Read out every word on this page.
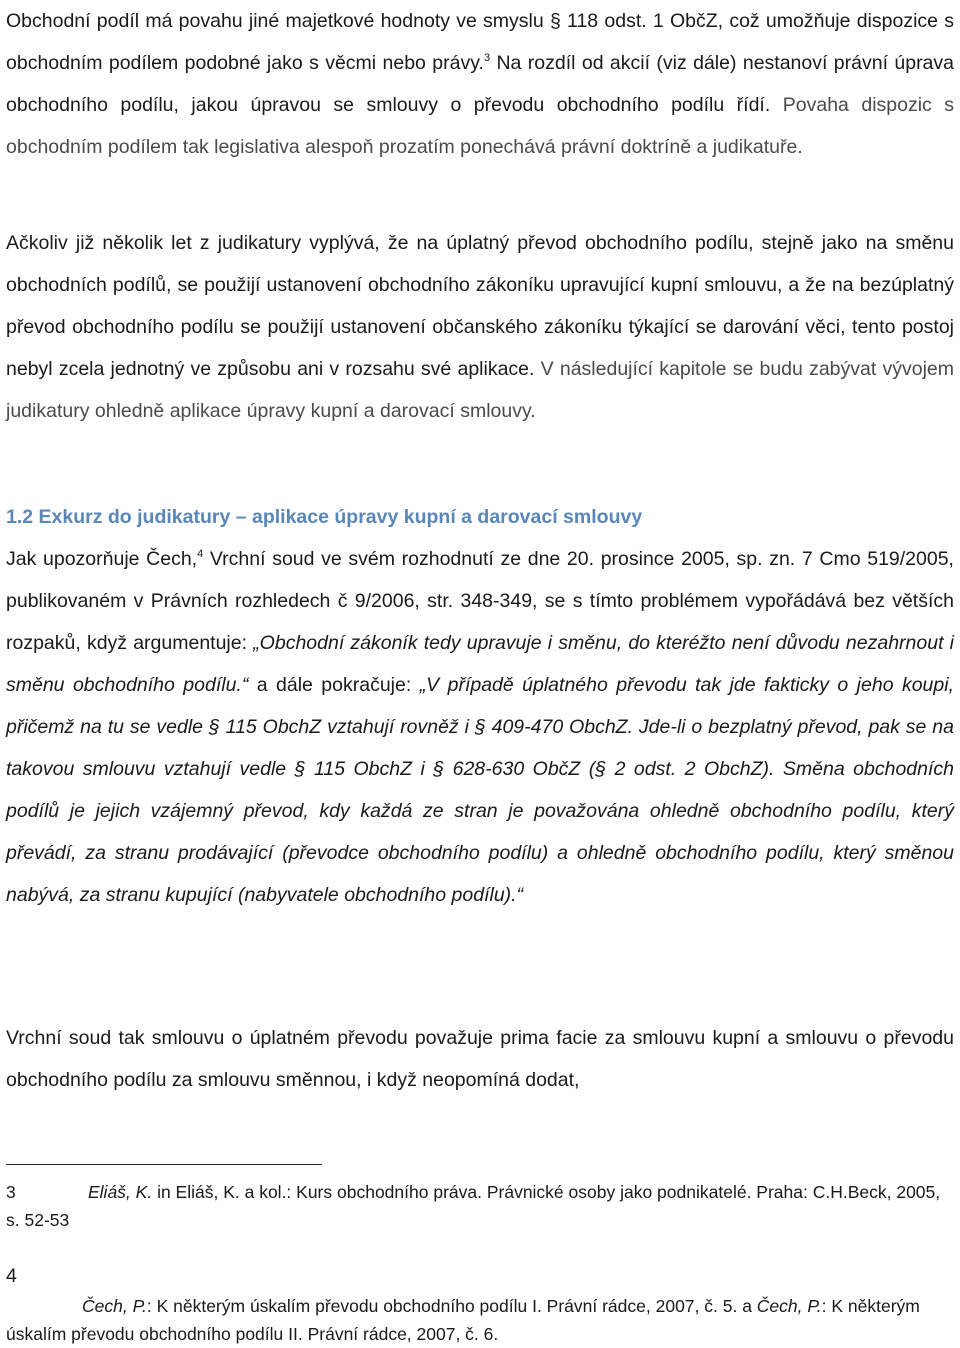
Obchodní podíl má povahu jiné majetkové hodnoty ve smyslu § 118 odst. 1 ObčZ, což umožňuje dispozice s obchodním podílem podobné jako s věcmi nebo právy.$^3$ Na rozdíl od akcií (viz dále) nestanoví právní úprava obchodního podílu, jakou úpravou se smlouvy o převodu obchodního podílu řídí. Povaha dispozic s obchodním podílem tak legislativa alespoň prozatím ponechává právní doktríně a judikatuře.

Ačkoliv již několik let z judikatury vyplývá, že na úplatný převod obchodního podílu, stejně jako na směnu obchodních podílů, se použijí ustanovení obchodního zákoníku upravující kupní smlouvu, a že na bezúplatný převod obchodního podílu se použijí ustanovení občanského zákoníku týkající se darování věci, tento postoj nebyl zcela jednotný ve způsobu ani v rozsahu své aplikace. V následující kapitole se budu zabývat vývojem judikatury ohledně aplikace úpravy kupní a darovací smlouvy.

1.2 Exkurz do judikatury – aplikace úpravy kupní a darovací smlouvy

Jak upozorňuje Čech,$^4$ Vrchní soud ve svém rozhodnutí ze dne 20. prosince 2005, sp. zn. 7 Cmo 519/2005, publikovaném v Právních rozhledech č 9/2006, str. 348-349, se s tímto problémem vypořádává bez větších rozpaků, když argumentuje: „Obchodní zákoník tedy upravuje i směnu, do kteréžto není důvodu nezahrnout i směnu obchodního podílu.“ a dále pokračuje: „V případě úplatného převodu tak jde fakticky o jeho koupi, přičemž na tu se vedle § 115 ObchZ vztahují rovněž i § 409-470 ObchZ. Jde-li o bezplatný převod, pak se na takovou smlouvu vztahují vedle § 115 ObchZ i § 628-630 ObčZ (§ 2 odst. 2 ObchZ). Směna obchodních podílů je jejich vzájemný převod, kdy každá ze stran je považována ohledně obchodního podílu, který převádí, za stranu prodávající (převodce obchodního podílu) a ohledně obchodního podílu, který směnou nabývá, za stranu kupující (nabyvatele obchodního podílu).“

Vrchní soud tak smlouvu o úplatném převodu považuje prima facie za smlouvu kupní a smlouvu o převodu obchodního podílu za smlouvu směnnou, i když neopomíná dodat,

3	Eliáš, K. in Eliáš, K. a kol.: Kurs obchodního práva. Právnické osoby jako podnikatelé. Praha: C.H.Beck, 2005, s. 52-53

4

Čech, P.: K některým úskalím převodu obchodního podílu I. Právní rádce, 2007, č. 5. a Čech, P.: K některým úskalím převodu obchodního podílu II. Právní rádce, 2007, č. 6.
